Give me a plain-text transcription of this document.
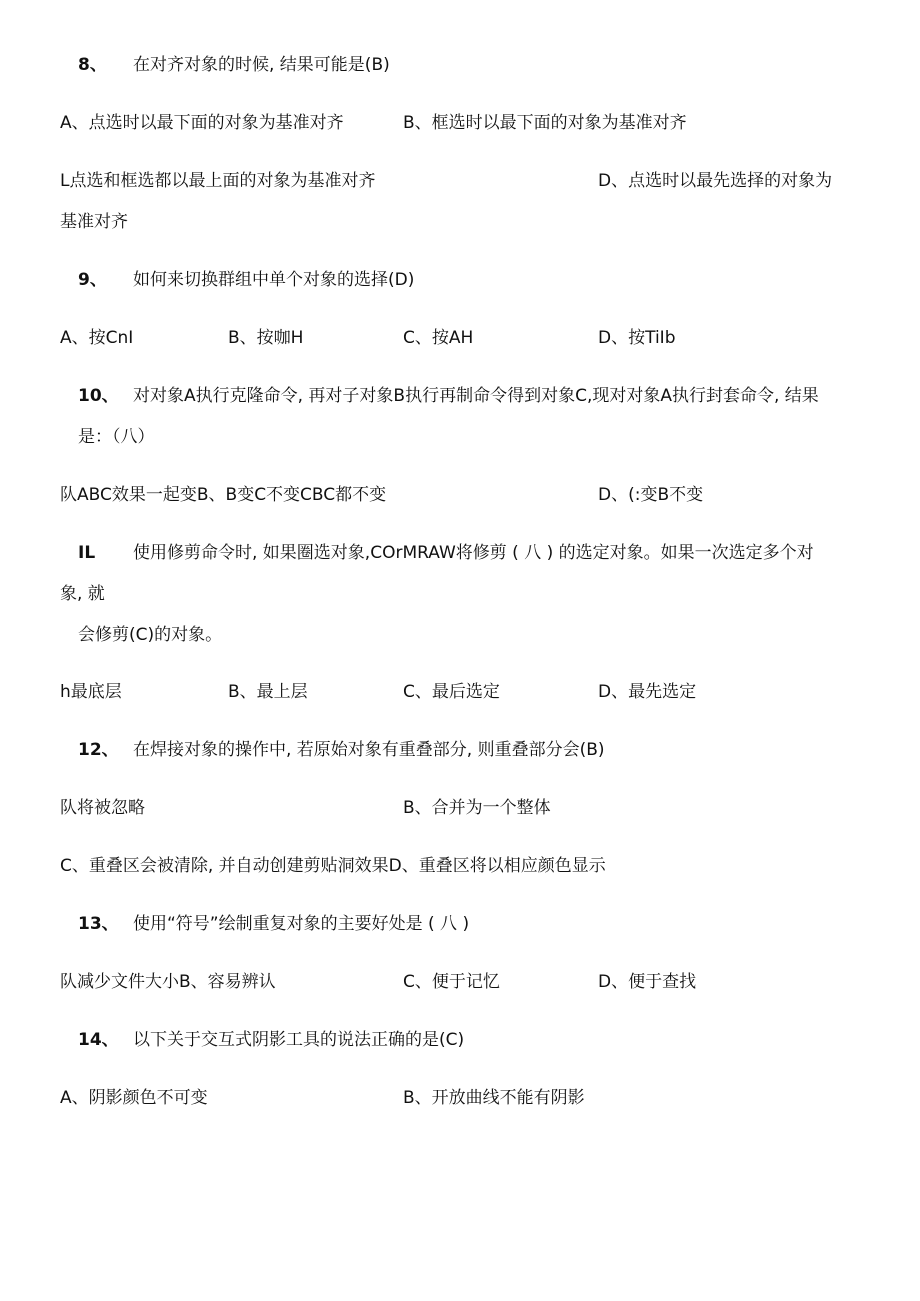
8、 在对齐对象的时候, 结果可能是(B)
A、点选时以最下面的对象为基准对齐	B、框选时以最下面的对象为基准对齐
L点选和框选都以最上面的对象为基准对齐	D、点选时以最先选择的对象为
基准对齐
9、 如何来切换群组中单个对象的选择(D)
A、按CnI	B、按咖H	C、按AH	D、按TiIb
10、 对对象A执行克隆命令, 再对子对象B执行再制命令得到对象C,现对对象A执行封套命令, 结果
是：（八）
队ABC效果一起变B、B变C不变CBC都不变	D、(:变B不变
IL 使用修剪命令时, 如果圈选对象,COrMRAW将修剪 ( 八 ) 的选定对象。如果一次选定多个对
象, 就
会修剪(C)的对象。
h最底层	B、最上层	C、最后选定	D、最先选定
12、 在焊接对象的操作中, 若原始对象有重叠部分, 则重叠部分会(B)
队将被忽略	B、合并为一个整体
C、重叠区会被清除, 并自动创建剪贴洞效果D、重叠区将以相应颜色显示
13、 使用“符号”绘制重复对象的主要好处是 ( 八 )
队减少文件大小B、容易辨认	C、便于记忆	D、便于查找
14、 以下关于交互式阴影工具的说法正确的是(C)
A、阴影颜色不可变	B、开放曲线不能有阴影
